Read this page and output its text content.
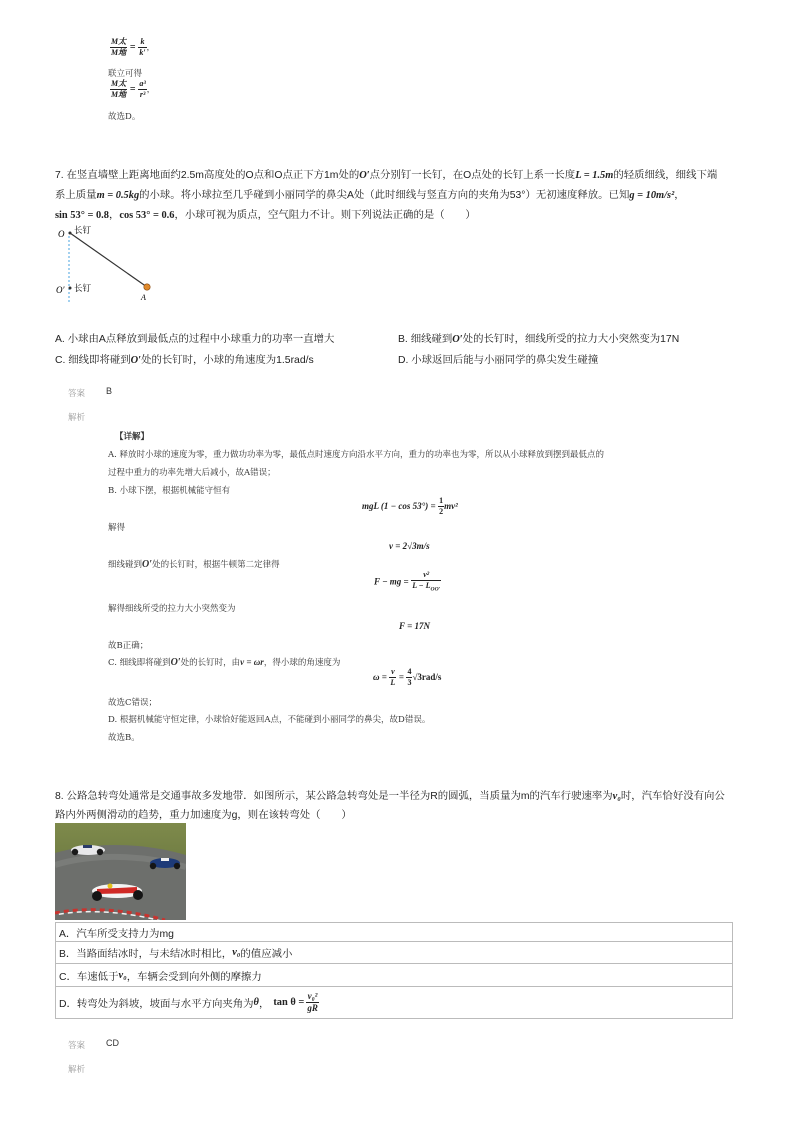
$\frac{\text{M太}}{\text{M地}} = \frac{k}{k'}$ ,
联立可得
$\frac{\text{M太}}{\text{M地}} = \frac{\text{a³}}{\text{r³}}$ ,
故选D。
7. 在竖直墙壁上距离地面约2.5m高度处的O点和O点正下方1m处的O′点分别钉一长钉，在O点处的长钉上系一长度L = 1.5m的轻质细线，细线下端
系上质量m = 0.5kg的小球。将小球拉至几乎碰到小丽同学的鼻尖A处（此时细线与竖直方向的夹角为53°）无初速度释放。已知g = 10m/s²，
sin 53° = 0.8，cos 53° = 0.6，小球可视为质点，空气阻力不计。则下列说法正确的是（　　）
O 长钉
O′ 长钉
A
A. 小球由A点释放到最低点的过程中小球重力的功率一直增大	B. 细线碰到O′处的长钉时，细线所受的拉力大小突然变为17N
C. 细线即将碰到O′处的长钉时，小球的角速度为1.5rad/s	D. 小球返回后能与小丽同学的鼻尖发生碰撞
答案 B
解析
【详解】
A. 释放时小球的速度为零，重力做功功率为零，最低点时速度方向沿水平方向，重力的功率也为零，所以从小球释放到摆到最低点的
过程中重力的功率先增大后减小，故A错误；
B. 小球下摆，根据机械能守恒有
mgL $(1 - \cos 53^\circ) = \frac{1}{2} mv^2$
解得
v = 2√3m/s
细线碰到O′处的长钉时，根据牛顿第二定律得
F − mg = $\frac{\text{v²}}{L - L_{OO'}}$
解得细线所受的拉力大小突然变为
F = 17N
故B正确；
C. 细线即将碰到O′处的长钉时，由v = ωr，得小球的角速度为
$\omega = \frac{v}{L} = \frac{4}{3} √3rad/s$
故选C错误；
D. 根据机械能守恒定律，小球恰好能返回A点，不能碰到小丽同学的鼻尖，故D错误。
故选B。
8. 公路急转弯处通常是交通事故多发地带．如图所示，某公路急转弯处是一半径为R的圆弧，当质量为m的汽车行驶速率为v₀时，汽车恰好没有向公
路内外两侧滑动的趋势，重力加速度为g，则在该转弯处（　　）
A．汽车所受支持力为mg
B．当路面结冰时，与未结冰时相比， v₀ 的值应减小
C．车速低于 v₀ ，车辆会受到向外侧的摩擦力
D．转弯处为斜坡，坡面与水平方向夹角为 θ ， $\tan \theta = \frac{\text{v₀²}}{gR}$
答案 CD
解析
